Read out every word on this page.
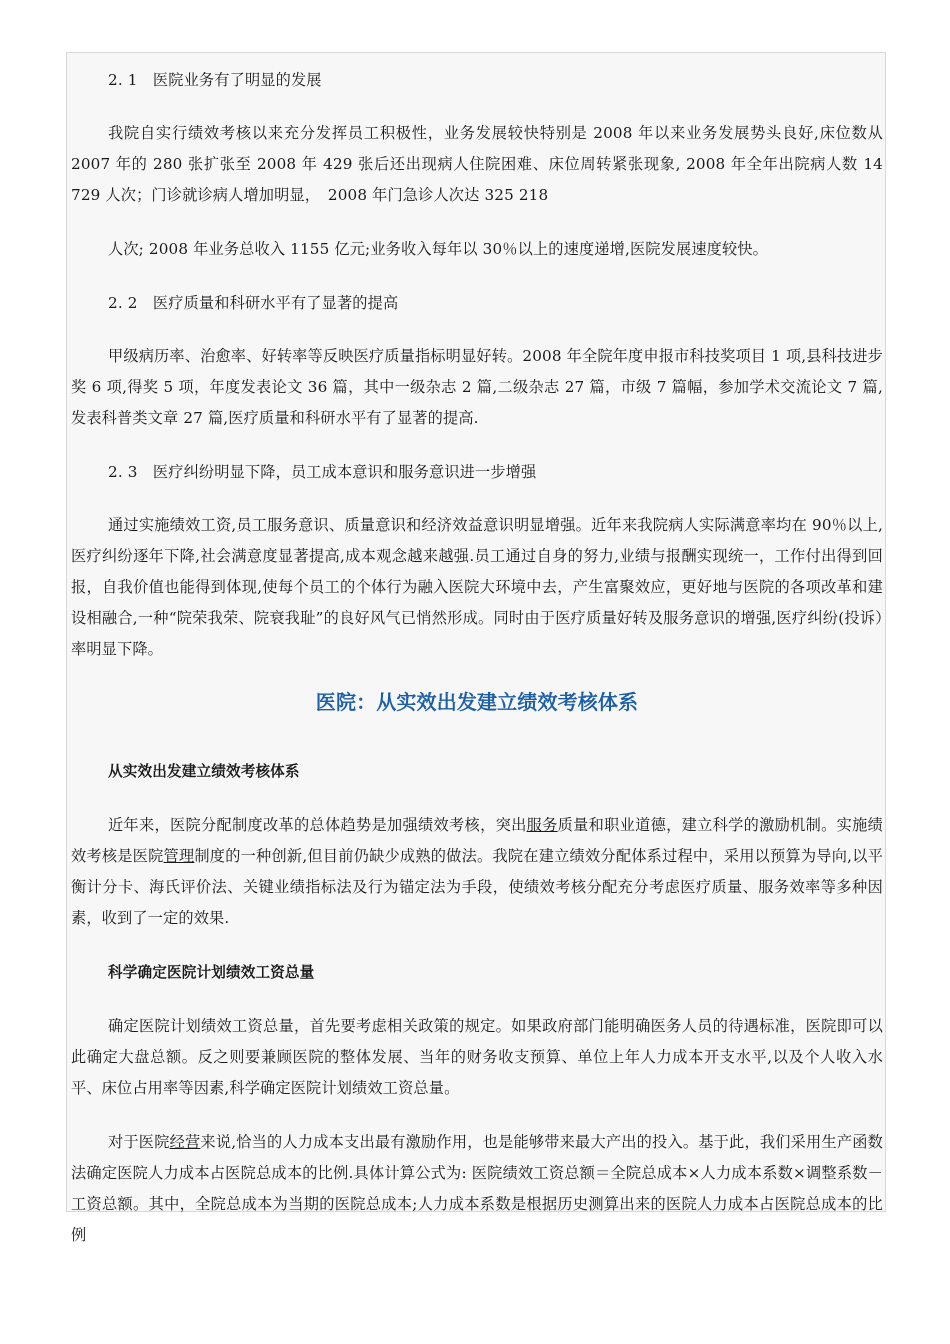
2. 1　医院业务有了明显的发展

我院自实行绩效考核以来充分发挥员工积极性，业务发展较快特别是 2008 年以来业务发展势头良好,床位数从 2007 年的 280 张扩张至 2008 年 429 张后还出现病人住院困难、床位周转紧张现象, 2008 年全年出院病人数 14 729 人次；门诊就诊病人增加明显，　2008 年门急诊人次达 325 218

人次; 2008 年业务总收入 1155 亿元;业务收入每年以 30％以上的速度递增,医院发展速度较快。

2. 2　医疗质量和科研水平有了显著的提高

甲级病历率、治愈率、好转率等反映医疗质量指标明显好转。2008 年全院年度申报市科技奖项目 1 项,县科技进步奖 6 项,得奖 5 项，年度发表论文 36 篇，其中一级杂志 2 篇,二级杂志 27 篇，市级 7 篇幅，参加学术交流论文 7 篇,发表科普类文章 27 篇,医疗质量和科研水平有了显著的提高.

2. 3　医疗纠纷明显下降，员工成本意识和服务意识进一步增强

通过实施绩效工资,员工服务意识、质量意识和经济效益意识明显增强。近年来我院病人实际满意率均在 90％以上,医疗纠纷逐年下降,社会满意度显著提高,成本观念越来越强.员工通过自身的努力,业绩与报酬实现统一，工作付出得到回报，自我价值也能得到体现,使每个员工的个体行为融入医院大环境中去，产生富聚效应，更好地与医院的各项改革和建设相融合,一种“院荣我荣、院衰我耻”的良好风气已悄然形成。同时由于医疗质量好转及服务意识的增强,医疗纠纷(投诉）率明显下降。

医院：从实效出发建立绩效考核体系

从实效出发建立绩效考核体系

近年来，医院分配制度改革的总体趋势是加强绩效考核，突出服务质量和职业道德，建立科学的激励机制。实施绩效考核是医院管理制度的一种创新,但目前仍缺少成熟的做法。我院在建立绩效分配体系过程中，采用以预算为导向,以平衡计分卡、海氏评价法、关键业绩指标法及行为锚定法为手段，使绩效考核分配充分考虑医疗质量、服务效率等多种因素，收到了一定的效果.

科学确定医院计划绩效工资总量

确定医院计划绩效工资总量，首先要考虑相关政策的规定。如果政府部门能明确医务人员的待遇标准，医院即可以此确定大盘总额。反之则要兼顾医院的整体发展、当年的财务收支预算、单位上年人力成本开支水平,以及个人收入水平、床位占用率等因素,科学确定医院计划绩效工资总量。

对于医院经营来说,恰当的人力成本支出最有激励作用，也是能够带来最大产出的投入。基于此，我们采用生产函数法确定医院人力成本占医院总成本的比例.具体计算公式为: 医院绩效工资总额＝全院总成本×人力成本系数×调整系数－工资总额。其中，全院总成本为当期的医院总成本;人力成本系数是根据历史测算出来的医院人力成本占医院总成本的比例
